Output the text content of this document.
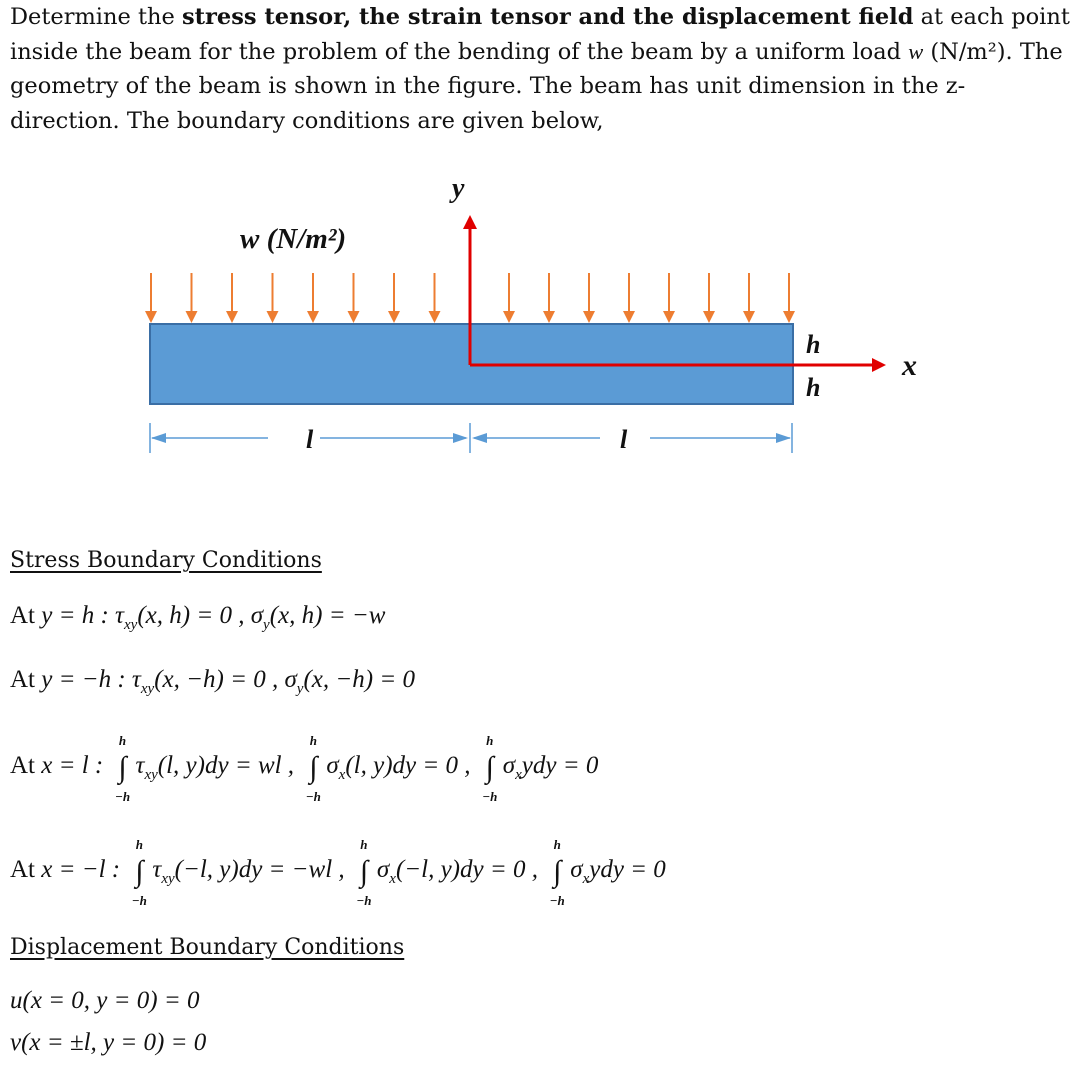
Determine the stress tensor, the strain tensor and the displacement field at each point inside the beam for the problem of the bending of the beam by a uniform load w (N/m²). The geometry of the beam is shown in the figure. The beam has unit dimension in the z-direction. The boundary conditions are given below,

w (N/m²)
y
x
h
h
l	l
Stress Boundary Conditions
At y = h : $\tau_{xy}(x$, h) = 0 , $\sigma_y(x$, h) = −w
At y = −h : $\tau_{xy}(x$, −h) = 0 , $\sigma_y(x$, −h) = 0
At x = l :
h
∫
−h
$\tau_{xy}(l$, y)dy = wl ,
h
∫
−h
$\sigma_x(l$, y)dy = 0 ,
h
∫
−h
$\sigma_xydy = 0$
At x = −l :
h
∫
−h
$\tau_{xy}(-l$, y)dy = −wl ,
h
∫
−h
$\sigma_x(-l$, y)dy = 0 ,
h
∫
−h
$\sigma_xydy = 0$
Displacement Boundary Conditions
u(x = 0, y = 0) = 0
v(x = ±l, y = 0) = 0
